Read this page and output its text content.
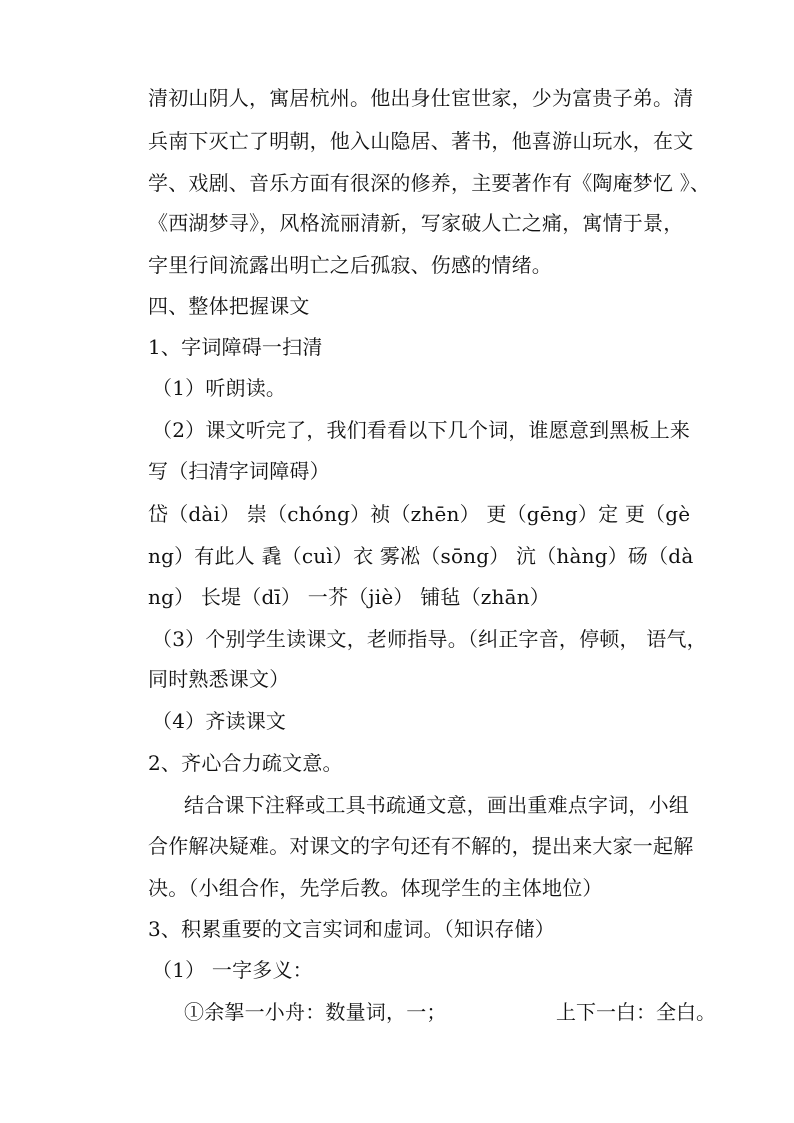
清初山阴人，寓居杭州。他出身仕宦世家，少为富贵子弟。清
兵南下灭亡了明朝，他入山隐居、著书，他喜游山玩水，在文
学、戏剧、音乐方面有很深的修养，主要著作有《陶庵梦忆 》、
《西湖梦寻》，风格流丽清新，写家破人亡之痛，寓情于景，
字里行间流露出明亡之后孤寂、伤感的情绪。
四、整体把握课文
1、字词障碍一扫清
（1）听朗读。
（2）课文听完了，我们看看以下几个词，谁愿意到黑板上来
写（扫清字词障碍）
岱（dài） 崇（chóng）祯（zhēn） 更（gēng）定 更（gè
ng）有此人 毳（cuì）衣 雾凇（sōng） 沆（hàng）砀（dà
ng） 长堤（dī） 一芥（jiè） 铺毡（zhān）
（3）个别学生读课文，老师指导。（纠正字音，停顿， 语气，
同时熟悉课文）
（4）齐读课文
2、齐心合力疏文意。
结合课下注释或工具书疏通文意，画出重难点字词，小组
合作解决疑难。对课文的字句还有不解的，提出来大家一起解
决。（小组合作，先学后教。体现学生的主体地位）
3、积累重要的文言实词和虚词。（知识存储）
（1） 一字多义：
①余挐一小舟：数量词，一；	上下一白：全白。
